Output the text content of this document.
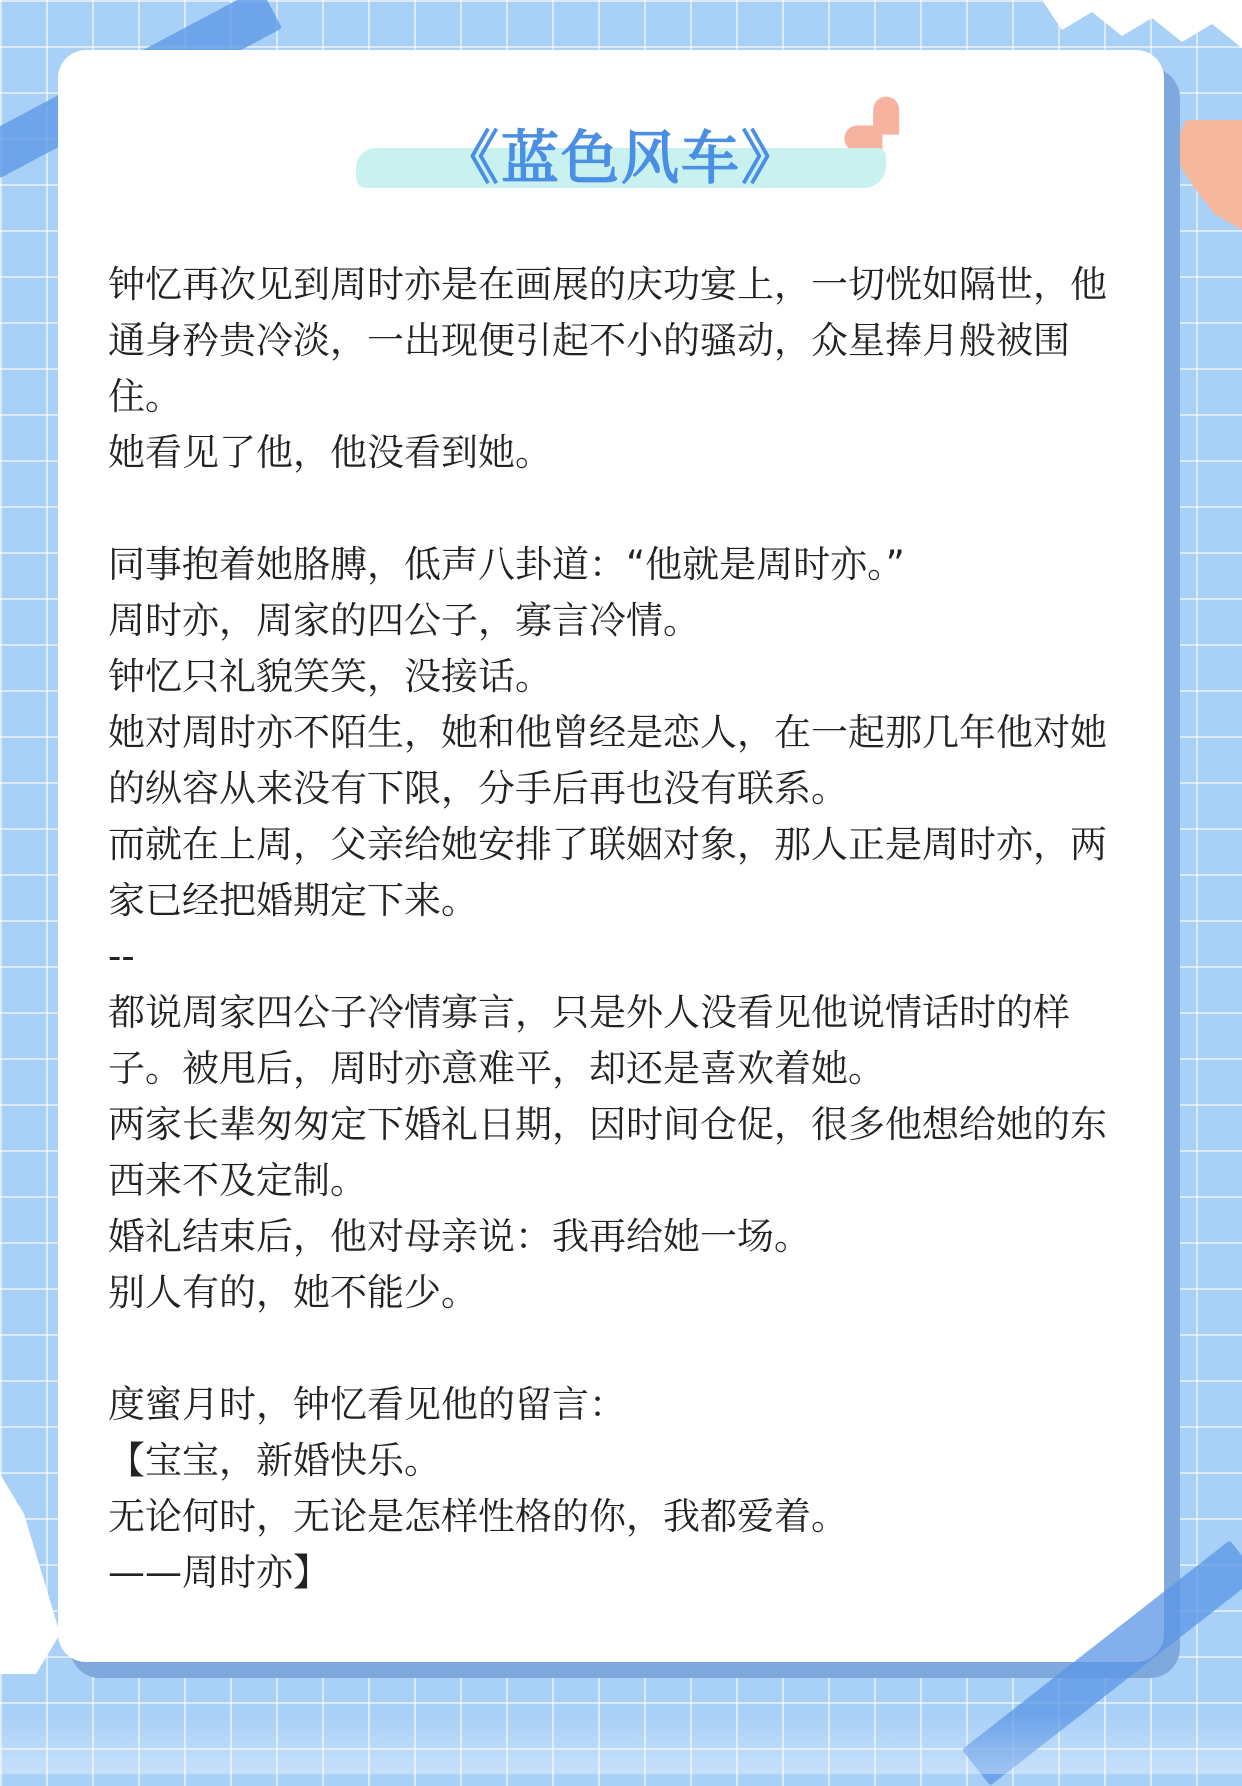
《蓝色风车》

钟忆再次见到周时亦是在画展的庆功宴上，一切恍如隔世，他通身矜贵冷淡，一出现便引起不小的骚动，众星捧月般被围住。

她看见了他，他没看到她。

同事抱着她胳膊，低声八卦道：“他就是周时亦。”

周时亦，周家的四公子，寡言冷情。

钟忆只礼貌笑笑，没接话。

她对周时亦不陌生，她和他曾经是恋人，在一起那几年他对她的纵容从来没有下限，分手后再也没有联系。

而就在上周，父亲给她安排了联姻对象，那人正是周时亦，两家已经把婚期定下来。

--

都说周家四公子冷情寡言，只是外人没看见他说情话时的样子。被甩后，周时亦意难平，却还是喜欢着她。

两家长辈匆匆定下婚礼日期，因时间仓促，很多他想给她的东西来不及定制。

婚礼结束后，他对母亲说：我再给她一场。

别人有的，她不能少。

度蜜月时，钟忆看见他的留言：

【宝宝，新婚快乐。

无论何时，无论是怎样性格的你，我都爱着。

——周时亦】
